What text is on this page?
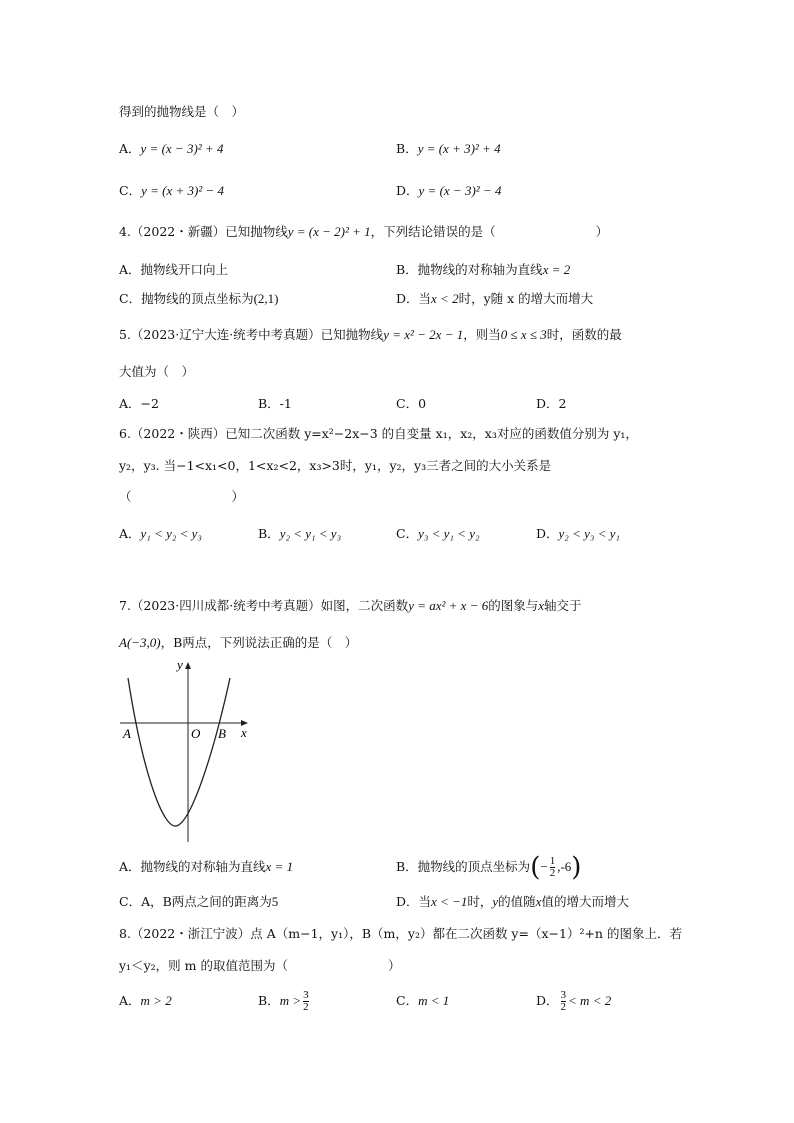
得到的抛物线是（　）
A．y = (x − 3)² + 4	B．y = (x + 3)² + 4
C．y = (x + 3)² − 4	D．y = (x − 3)² − 4
4.（2022・新疆）已知抛物线y = (x − 2)² + 1，下列结论错误的是（　　　　　　　　）
A．抛物线开口向上	B．抛物线的对称轴为直线x = 2
C．抛物线的顶点坐标为(2,1)	D．当x < 2时，y随 x 的增大而增大
5.（2023·辽宁大连·统考中考真题）已知抛物线y = x² − 2x − 1，则当0 ≤ x ≤ 3时，函数的最
大值为（　）
A．−2	B．-1	C．0	D．2
6.（2022・陕西）已知二次函数 y=x²−2x−3 的自变量 x₁，x₂，x₃对应的函数值分别为 y₁，
y₂，y₃. 当−1<x₁<0，1<x₂<2，x₃>3时，y₁，y₂，y₃三者之间的大小关系是
（　　　　　　　　）
A．y₁ < y₂ < y₃	B．y₂ < y₁ < y₃	C．y₃ < y₁ < y₂	D．y₂ < y₃ < y₁
7.（2023·四川成都·统考中考真题）如图，二次函数y = ax² + x − 6的图象与x轴交于
A(−3,0)，B两点，下列说法正确的是（　）
y
x
A	O B
A．抛物线的对称轴为直线x = 1	B．抛物线的顶点坐标为(− $\frac{1}{2} ,-6$)
C．A，B两点之间的距离为5	D．当x < −1时，y的值随x值的增大而增大
8.（2022・浙江宁波）点 A（m−1，y₁），B（m，y₂）都在二次函数 y=（x−1）²+n 的图象上．若
y₁＜y₂，则 m 的取值范围为（　　　　　　　　）
A．m > 2	B．$m > \frac{3}{2}$	C．m < 1	D． $\frac{3}{2} < m < 2$
